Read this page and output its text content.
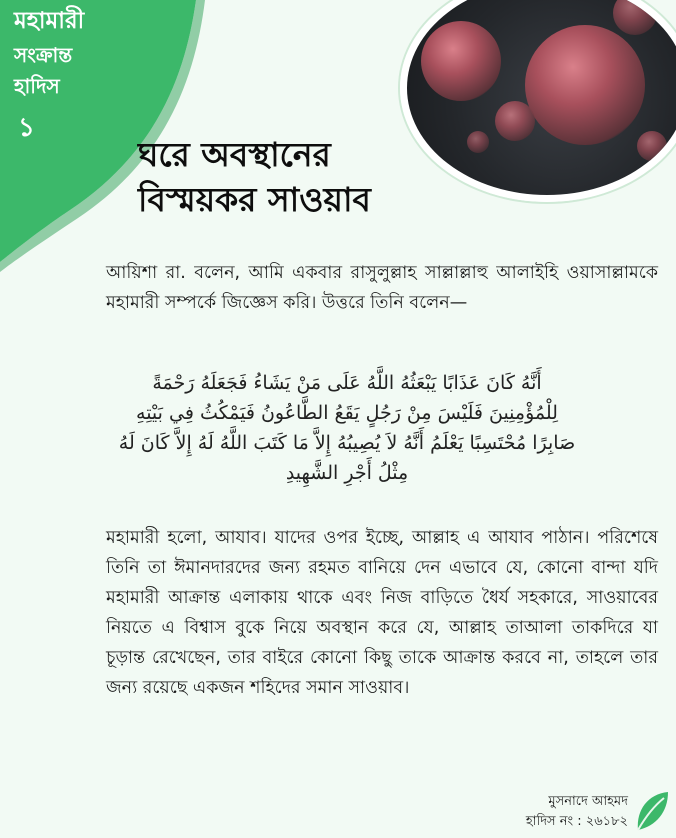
মহামারী
সংক্রান্ত
হাদিস
১
ঘরে অবস্থানের
বিস্ময়কর সাওয়াব
আয়িশা রা. বলেন, আমি একবার রাসুলুল্লাহ সাল্লাল্লাহু আলাইহি ওয়াসাল্লামকে মহামারী সম্পর্কে জিজ্ঞেস করি। উত্তরে তিনি বলেন—
أَنَّهُ كَانَ عَذَابًا يَبْعَثُهُ اللَّهُ عَلَى مَنْ يَشَاءُ فَجَعَلَهُ رَحْمَةً لِلْمُؤْمِنِينَ فَلَيْسَ مِنْ رَجُلٍ يَقَعُ الطَّاعُونُ فَيَمْكُثُ فِي بَيْتِهِ صَابِرًا مُحْتَسِبًا يَعْلَمُ أَنَّهُ لاَ يُصِيبُهُ إِلاَّ مَا كَتَبَ اللَّهُ لَهُ إِلاَّ كَانَ لَهُ مِثْلُ أَجْرِ الشَّهِيدِ
মহামারী হলো, আযাব। যাদের ওপর ইচ্ছে, আল্লাহ এ আযাব পাঠান। পরিশেষে তিনি তা ঈমানদারদের জন্য রহমত বানিয়ে দেন এভাবে যে, কোনো বান্দা যদি মহামারী আক্রান্ত এলাকায় থাকে এবং নিজ বাড়িতে ধৈর্য সহকারে, সাওয়াবের নিয়তে এ বিশ্বাস বুকে নিয়ে অবস্থান করে যে, আল্লাহ তাআলা তাকদিরে যা চূড়ান্ত রেখেছেন, তার বাইরে কোনো কিছু তাকে আক্রান্ত করবে না, তাহলে তার জন্য রয়েছে একজন শহিদের সমান সাওয়াব।
মুসনাদে আহমদ
হাদিস নং : ২৬১৮২
